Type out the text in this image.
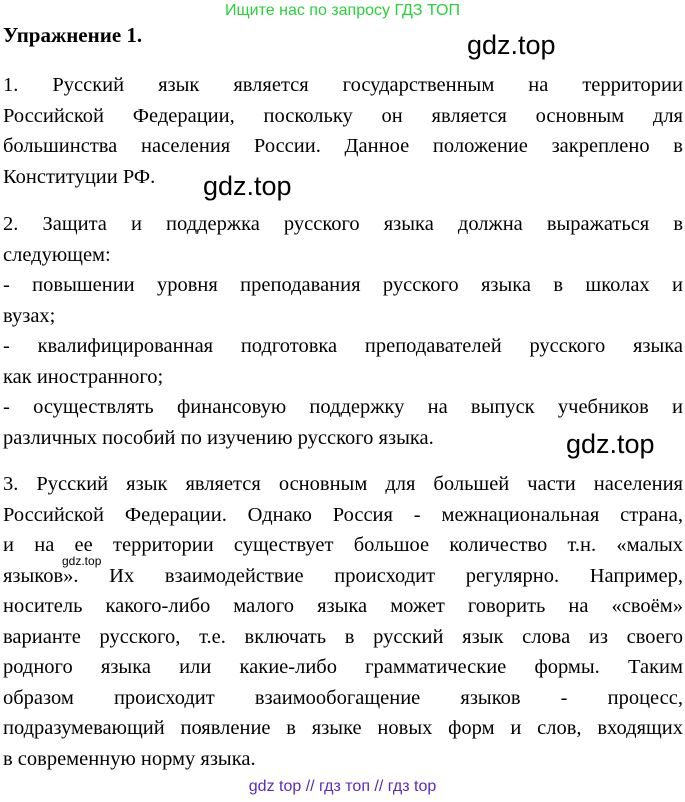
Ищите нас по запросу ГДЗ ТОП
Упражнение 1.	gdz.top
gdz.top
gdz.top
gdz.top
1. Русский язык является государственным на территории
Российской Федерации, поскольку он является основным для
большинства населения России. Данное положение закреплено в
Конституции РФ.
2. Защита и поддержка русского языка должна выражаться в
следующем:
- повышении уровня преподавания русского языка в школах и
вузах;
- квалифицированная подготовка преподавателей русского языка
как иностранного;
- осуществлять финансовую поддержку на выпуск учебников и
различных пособий по изучению русского языка.
3. Русский язык является основным для большей части населения
Российской Федерации. Однако Россия - межнациональная страна,
и на ее территории существует большое количество т.н. «малых
языков». Их взаимодействие происходит регулярно. Например,
носитель какого-либо малого языка может говорить на «своём»
варианте русского, т.е. включать в русский язык слова из своего
родного языка или какие-либо грамматические формы. Таким
образом происходит взаимообогащение языков - процесс,
подразумевающий появление в языке новых форм и слов, входящих
в современную норму языка.
gdz top // гдз топ // гдз top
